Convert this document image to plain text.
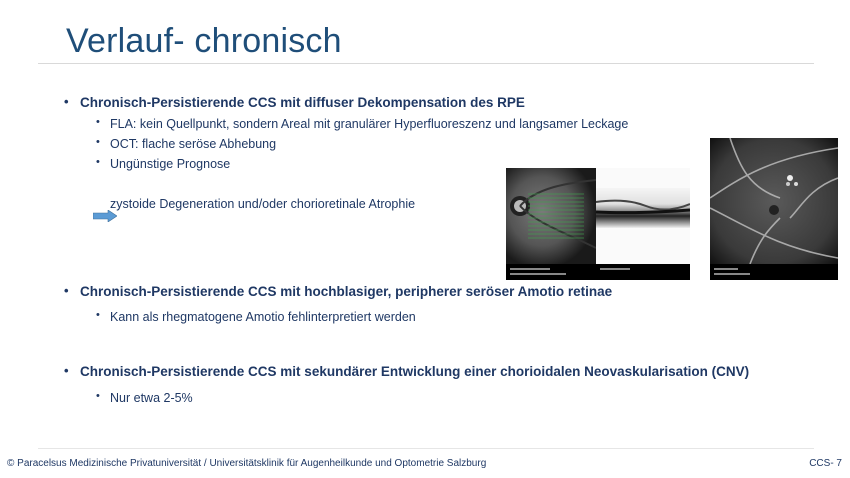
Verlauf- chronisch
• Chronisch-Persistierende CCS mit diffuser Dekompensation des RPE
• FLA: kein Quellpunkt, sondern Areal mit granulärer Hyperfluoreszenz und langsamer Leckage
• OCT: flache seröse Abhebung
• Ungünstige Prognose
zystoide Degeneration und/oder chorioretinale Atrophie
• Chronisch-Persistierende CCS mit hochblasiger, peripherer seröser Amotio retinae
• Kann als rhegmatogene Amotio fehlinterpretiert werden
• Chronisch-Persistierende CCS mit sekundärer Entwicklung einer chorioidalen Neovaskularisation (CNV)
• Nur etwa 2-5%
© Paracelsus Medizinische Privatuniversität / Universitätsklinik für Augenheilkunde und Optometrie Salzburg	CCS- 7
